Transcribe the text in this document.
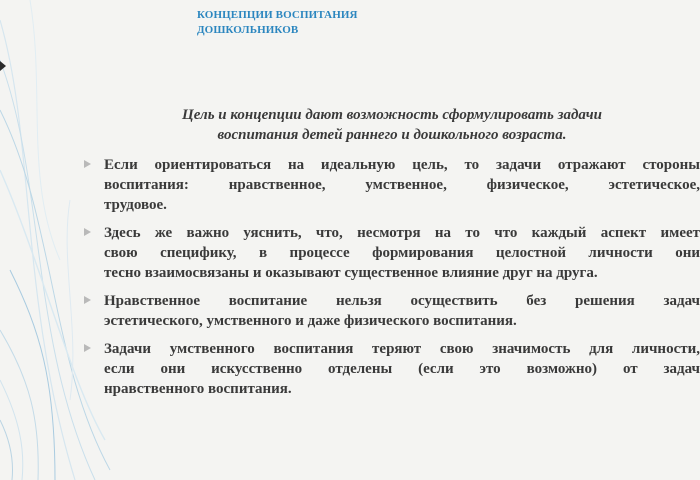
КОНЦЕПЦИИ ВОСПИТАНИЯ
ДОШКОЛЬНИКОВ
Цель и концепции дают возможность сформулировать задачи
воспитания детей раннего и дошкольного возраста.
Если ориентироваться на идеальную цель, то задачи отражают стороны
воспитания: нравственное, умственное, физическое, эстетическое,
трудовое.
Здесь же важно уяснить, что, несмотря на то что каждый аспект имеет
свою специфику, в процессе формирования целостной личности они
тесно взаимосвязаны и оказывают существенное влияние друг на друга.
Нравственное воспитание нельзя осуществить без решения задач
эстетического, умственного и даже физического воспитания.
Задачи умственного воспитания теряют свою значимость для личности,
если они искусственно отделены (если это возможно) от задач
нравственного воспитания.
